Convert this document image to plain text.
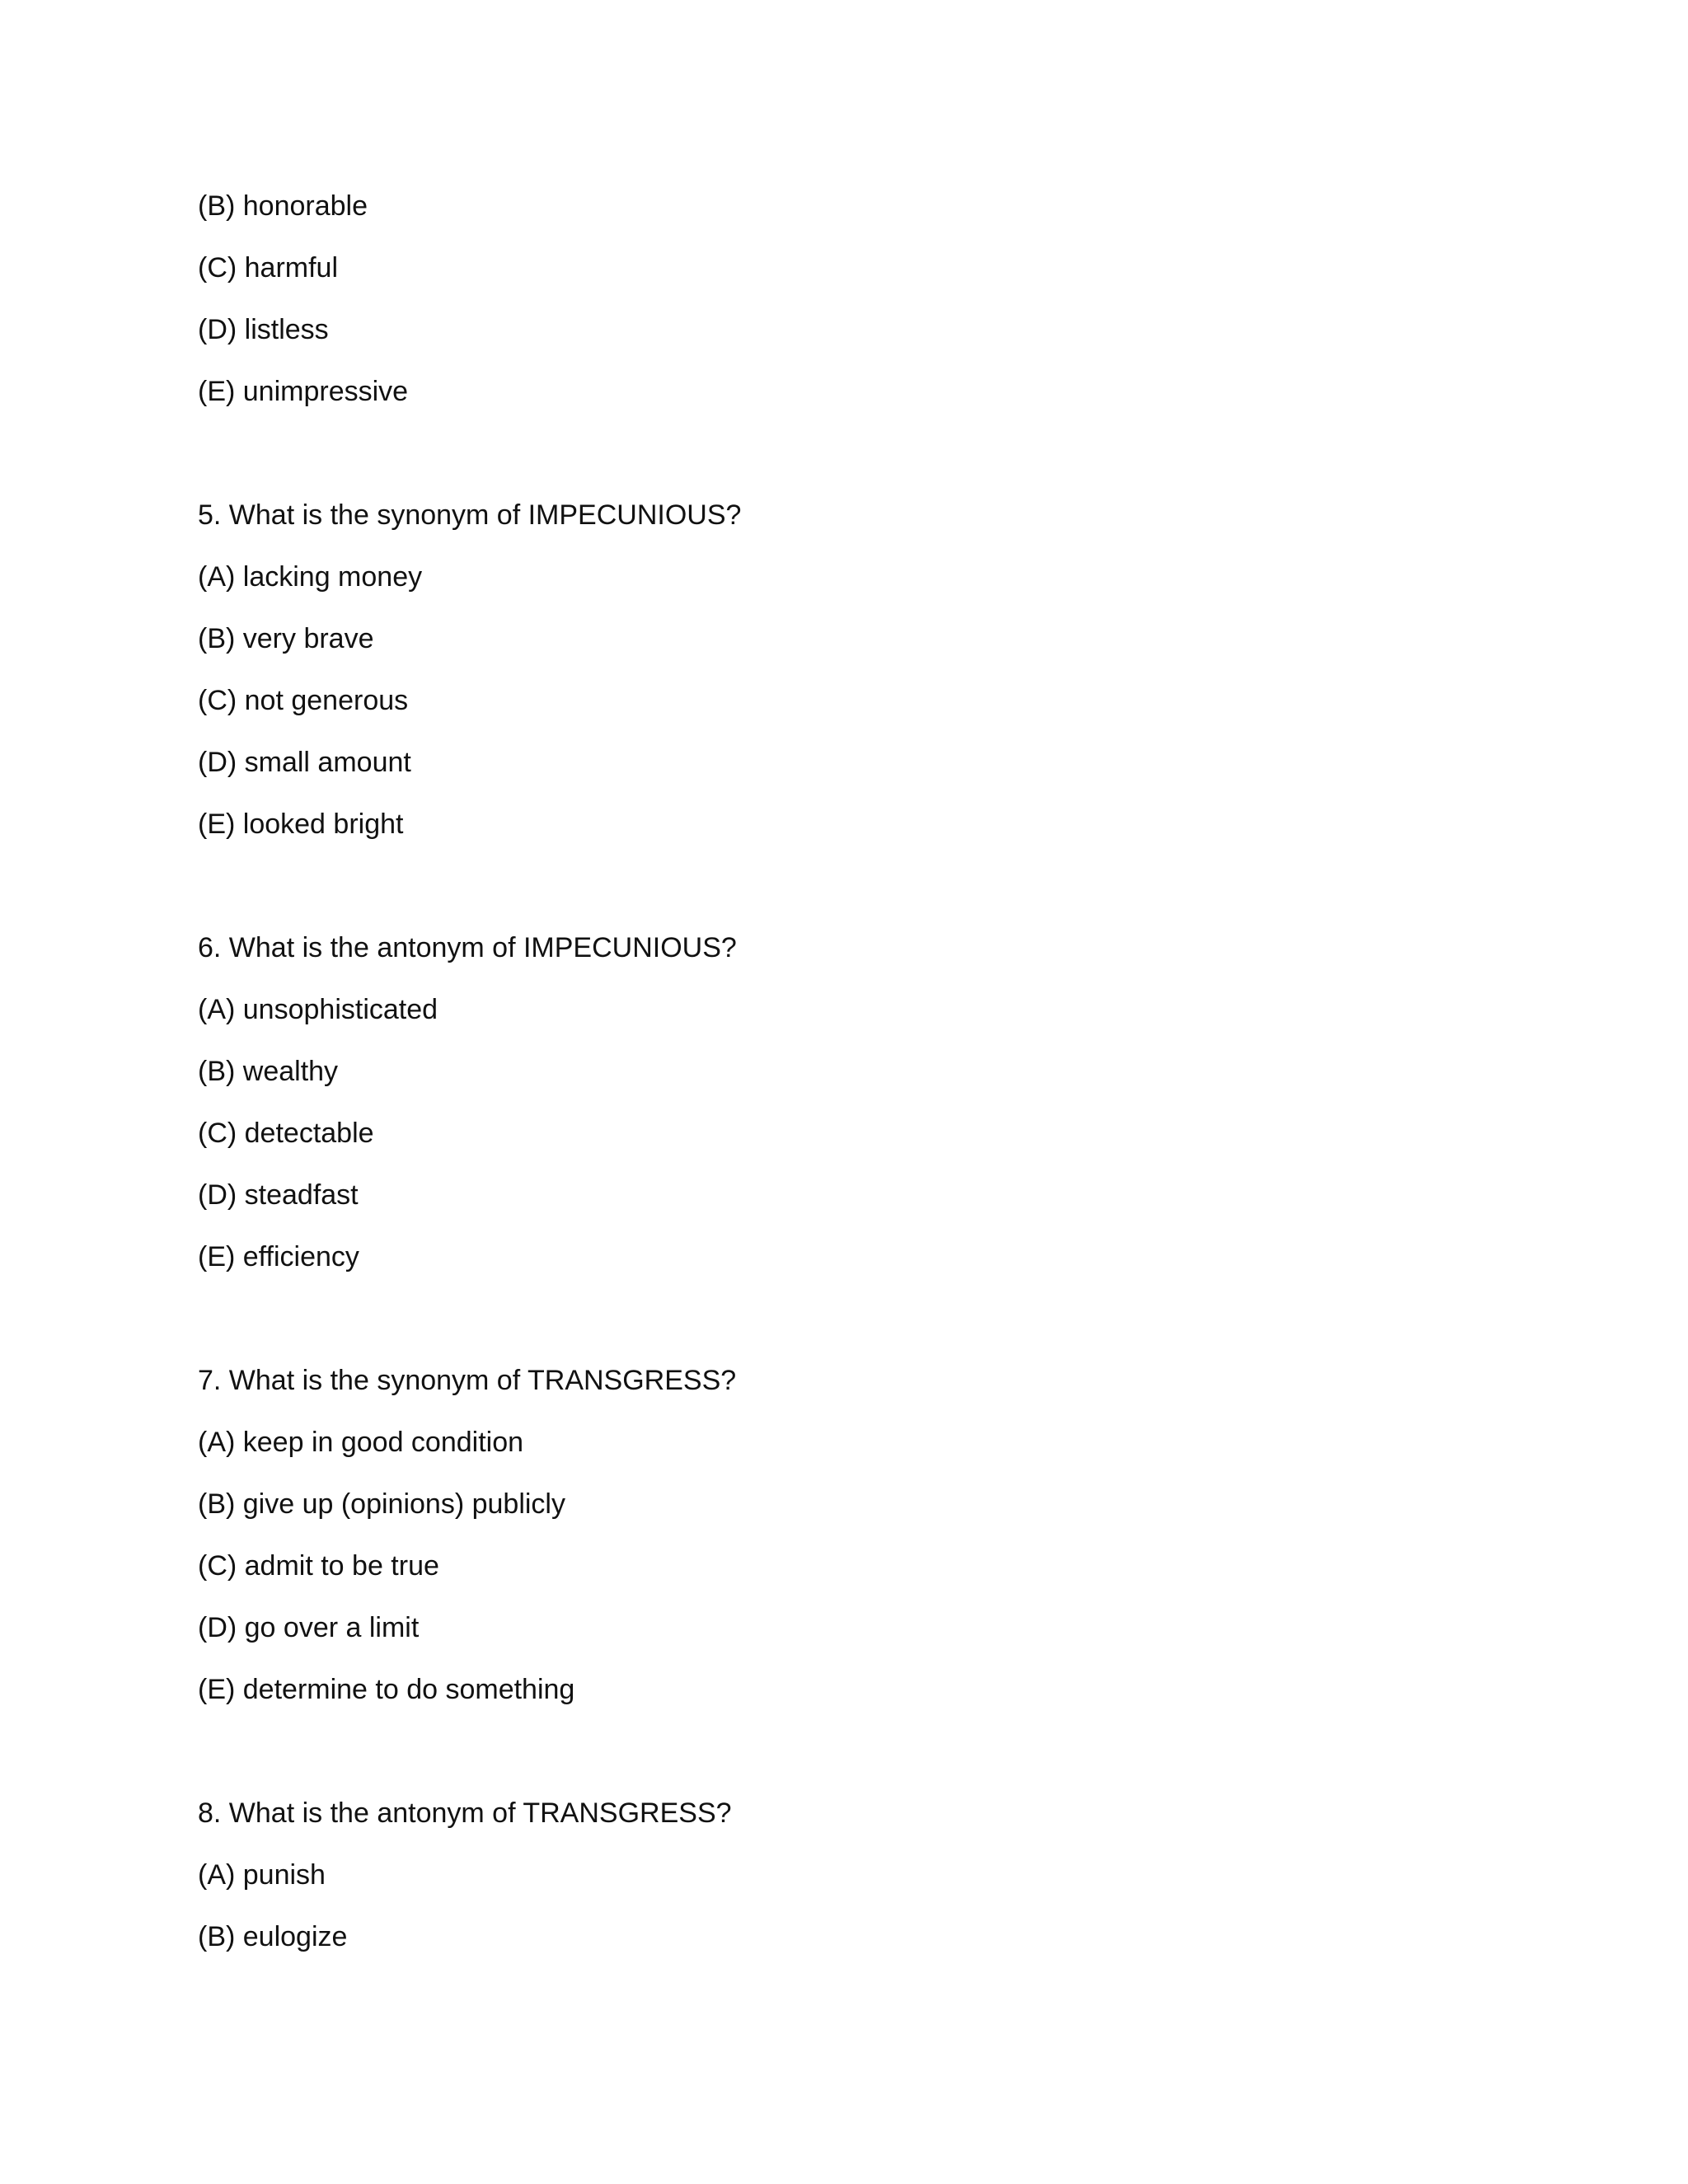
(B) honorable
(C) harmful
(D) listless
(E) unimpressive
5. What is the synonym of IMPECUNIOUS?
(A) lacking money
(B) very brave
(C) not generous
(D) small amount
(E) looked bright
6. What is the antonym of IMPECUNIOUS?
(A) unsophisticated
(B) wealthy
(C) detectable
(D) steadfast
(E) efficiency
7. What is the synonym of TRANSGRESS?
(A) keep in good condition
(B) give up (opinions) publicly
(C) admit to be true
(D) go over a limit
(E) determine to do something
8. What is the antonym of TRANSGRESS?
(A) punish
(B) eulogize
